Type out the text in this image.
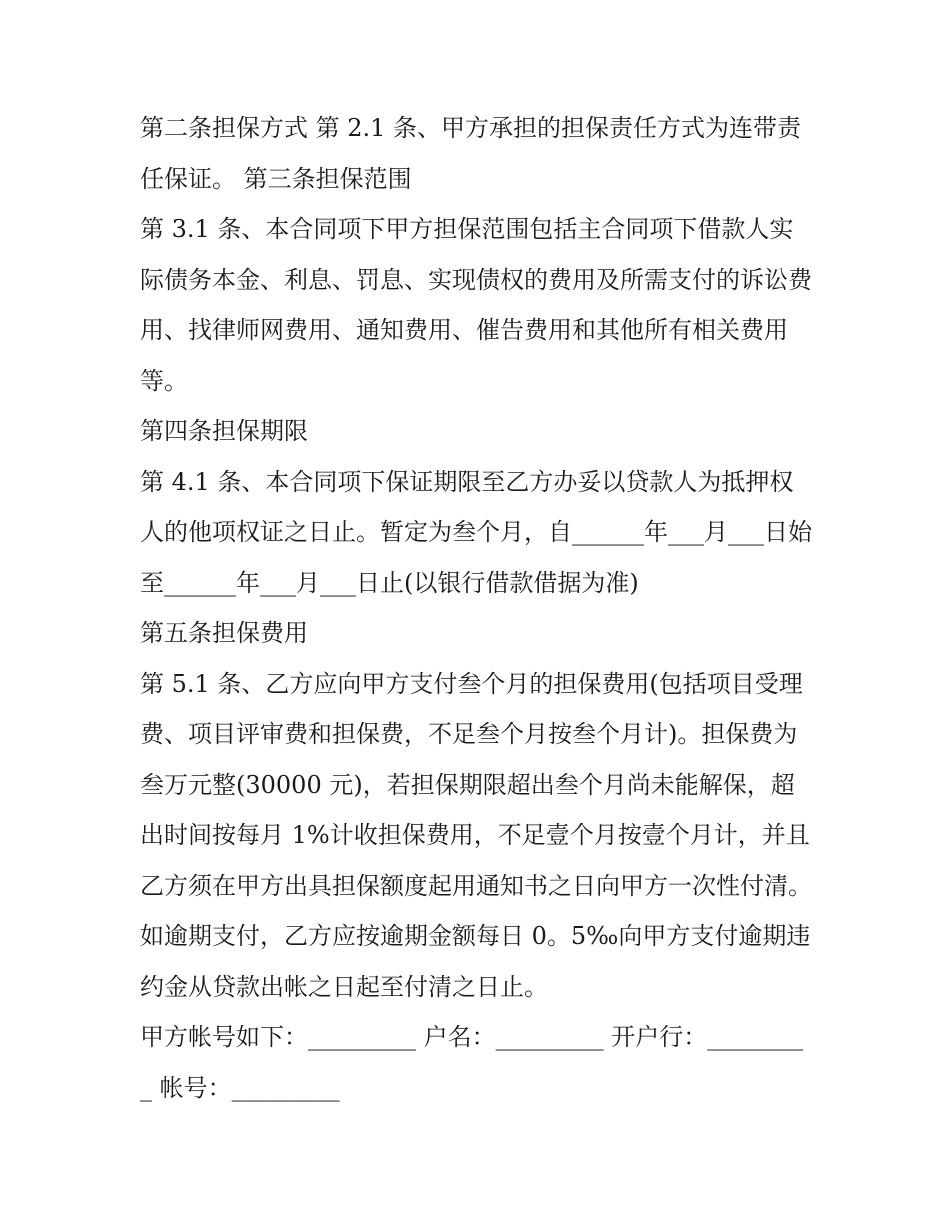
第二条担保方式 第 2.1 条、甲方承担的担保责任方式为连带责任保证。 第三条担保范围

第 3.1 条、本合同项下甲方担保范围包括主合同项下借款人实际债务本金、利息、罚息、实现债权的费用及所需支付的诉讼费用、找律师网费用、通知费用、催告费用和其他所有相关费用等。

第四条担保期限

第 4.1 条、本合同项下保证期限至乙方办妥以贷款人为抵押权人的他项权证之日止。暂定为叁个月，自______年___月___日始至______年___月___日止(以银行借款借据为准)

第五条担保费用

第 5.1 条、乙方应向甲方支付叁个月的担保费用(包括项目受理费、项目评审费和担保费，不足叁个月按叁个月计)。担保费为叁万元整(30000 元)，若担保期限超出叁个月尚未能解保，超出时间按每月 1%计收担保费用，不足壹个月按壹个月计，并且乙方须在甲方出具担保额度起用通知书之日向甲方一次性付清。如逾期支付，乙方应按逾期金额每日 0。5‰向甲方支付逾期违约金从贷款出帐之日起至付清之日止。

甲方帐号如下：_________ 户名：_________ 开户行：_________ 帐号：_________
